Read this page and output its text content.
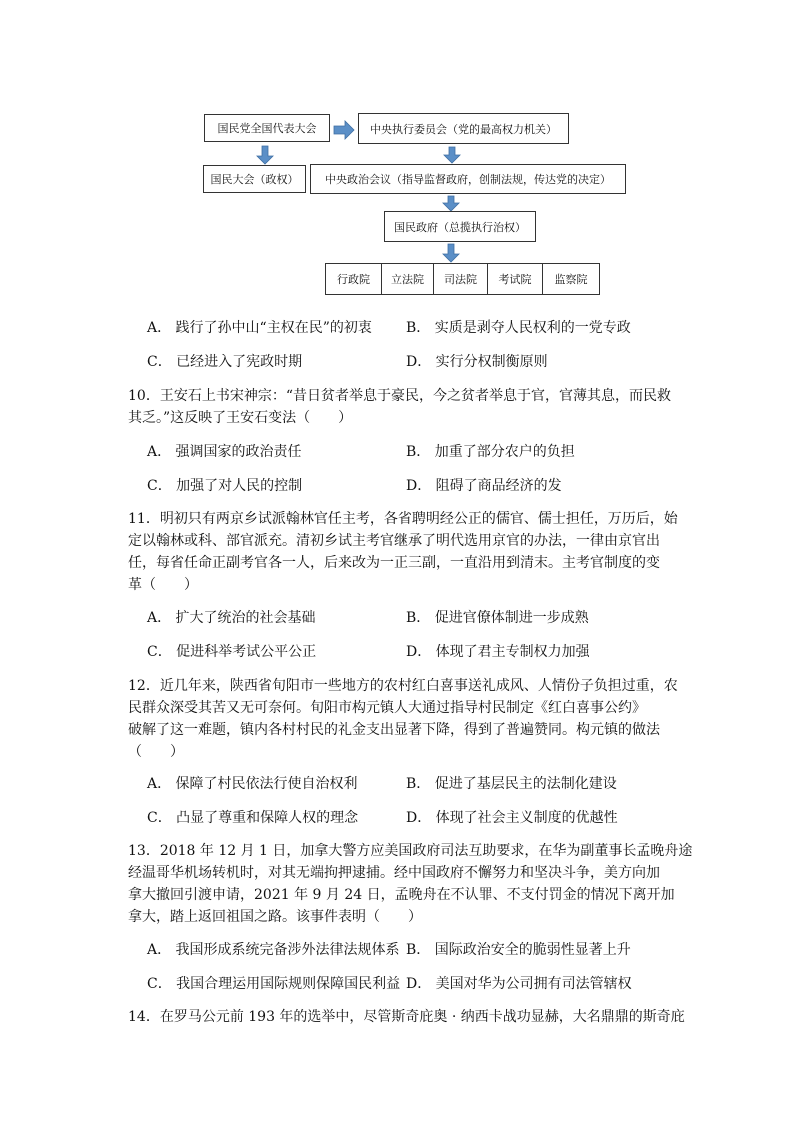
国民党全国代表大会	中央执行委员会（党的最高权力机关）
国民大会（政权）	中央政治会议（指导监督政府，创制法规，传达党的决定）
国民政府（总揽执行治权）
行政院	立法院	司法院	考试院	监察院
A． 践行了孙中山“主权在民”的初衷 B． 实质是剥夺人民权利的一党专政
C． 已经进入了宪政时期	D． 实行分权制衡原则
10．王安石上书宋神宗：“昔日贫者举息于豪民，今之贫者举息于官，官薄其息，而民救
其乏。”这反映了王安石变法（　　）
A． 强调国家的政治责任	B． 加重了部分农户的负担
C． 加强了对人民的控制	D． 阻碍了商品经济的发
11．明初只有两京乡试派翰林官任主考，各省聘明经公正的儒官、儒士担任，万历后，始
定以翰林或科、部官派充。清初乡试主考官继承了明代选用京官的办法，一律由京官出
任，每省任命正副考官各一人，后来改为一正三副，一直沿用到清末。主考官制度的变
革（　　）
A． 扩大了统治的社会基础	B． 促进官僚体制进一步成熟
C． 促进科举考试公平公正	D． 体现了君主专制权力加强
12．近几年来，陕西省旬阳市一些地方的农村红白喜事送礼成风、人情份子负担过重，农
民群众深受其苦又无可奈何。旬阳市构元镇人大通过指导村民制定《红白喜事公约》
破解了这一难题，镇内各村村民的礼金支出显著下降，得到了普遍赞同。构元镇的做法
（　　）
A． 保障了村民依法行使自治权利	B． 促进了基层民主的法制化建设
C． 凸显了尊重和保障人权的理念	D． 体现了社会主义制度的优越性
13．2018 年 12 月 1 日，加拿大警方应美国政府司法互助要求，在华为副董事长孟晚舟途
经温哥华机场转机时，对其无端拘押逮捕。经中国政府不懈努力和坚决斗争，美方向加
拿大撤回引渡申请，2021 年 9 月 24 日，孟晚舟在不认罪、不支付罚金的情况下离开加
拿大，踏上返回祖国之路。该事件表明（　　）
A． 我国形成系统完备涉外法律法规体系 B． 国际政治安全的脆弱性显著上升
C． 我国合理运用国际规则保障国民利益 D． 美国对华为公司拥有司法管辖权
14．在罗马公元前 193 年的选举中，尽管斯奇庇奥 · 纳西卡战功显赫，大名鼎鼎的斯奇庇
